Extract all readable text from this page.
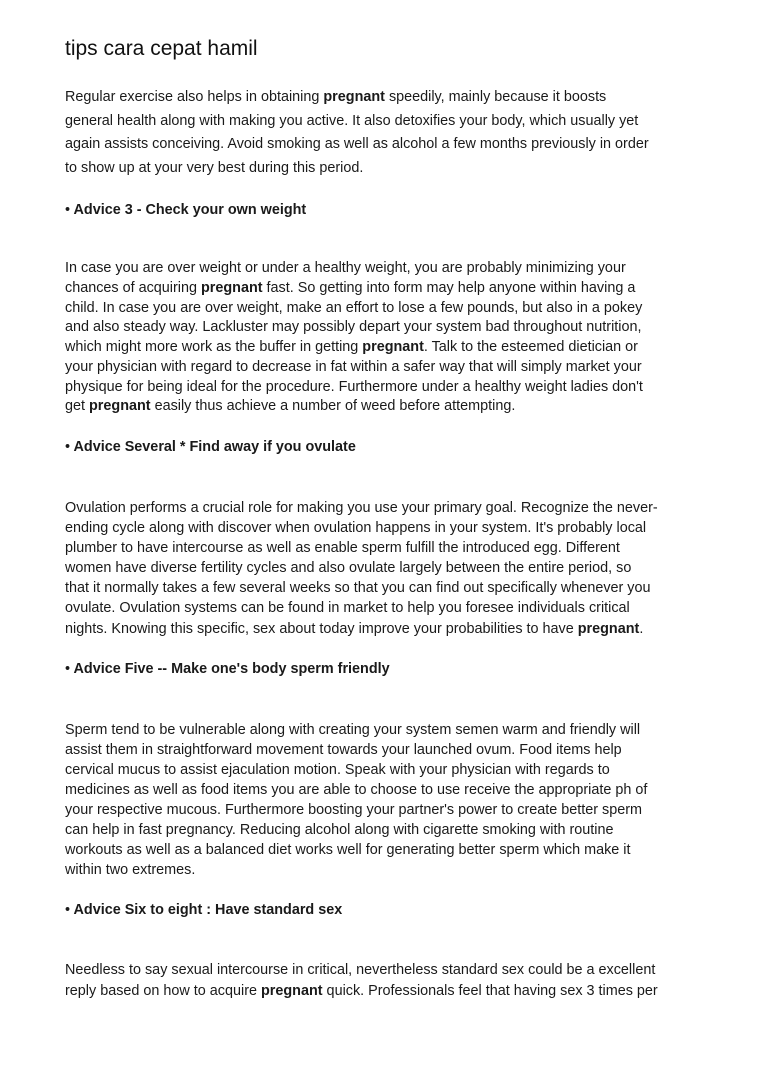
tips cara cepat hamil

Regular exercise also helps in obtaining pregnant speedily, mainly because it boosts
general health along with making you active. It also detoxifies your body, which usually yet
again assists conceiving. Avoid smoking as well as alcohol a few months previously in order
to show up at your very best during this period.

• Advice 3 - Check your own weight

In case you are over weight or under a healthy weight, you are probably minimizing your
chances of acquiring pregnant fast. So getting into form may help anyone within having a
child. In case you are over weight, make an effort to lose a few pounds, but also in a pokey
and also steady way. Lackluster may possibly depart your system bad throughout nutrition,
which might more work as the buffer in getting pregnant. Talk to the esteemed dietician or
your physician with regard to decrease in fat within a safer way that will simply market your
physique for being ideal for the procedure. Furthermore under a healthy weight ladies don't
get pregnant easily thus achieve a number of weed before attempting.

• Advice Several * Find away if you ovulate

Ovulation performs a crucial role for making you use your primary goal. Recognize the never-
ending cycle along with discover when ovulation happens in your system. It's probably local
plumber to have intercourse as well as enable sperm fulfill the introduced egg. Different
women have diverse fertility cycles and also ovulate largely between the entire period, so
that it normally takes a few several weeks so that you can find out specifically whenever you
ovulate. Ovulation systems can be found in market to help you foresee individuals critical
nights. Knowing this specific, sex about today improve your probabilities to have pregnant.

• Advice Five -- Make one's body sperm friendly

Sperm tend to be vulnerable along with creating your system semen warm and friendly will
assist them in straightforward movement towards your launched ovum. Food items help
cervical mucus to assist ejaculation motion. Speak with your physician with regards to
medicines as well as food items you are able to choose to use receive the appropriate ph of
your respective mucous. Furthermore boosting your partner's power to create better sperm
can help in fast pregnancy. Reducing alcohol along with cigarette smoking with routine
workouts as well as a balanced diet works well for generating better sperm which make it
within two extremes.

• Advice Six to eight : Have standard sex

Needless to say sexual intercourse in critical, nevertheless standard sex could be a excellent
reply based on how to acquire pregnant quick. Professionals feel that having sex 3 times per
